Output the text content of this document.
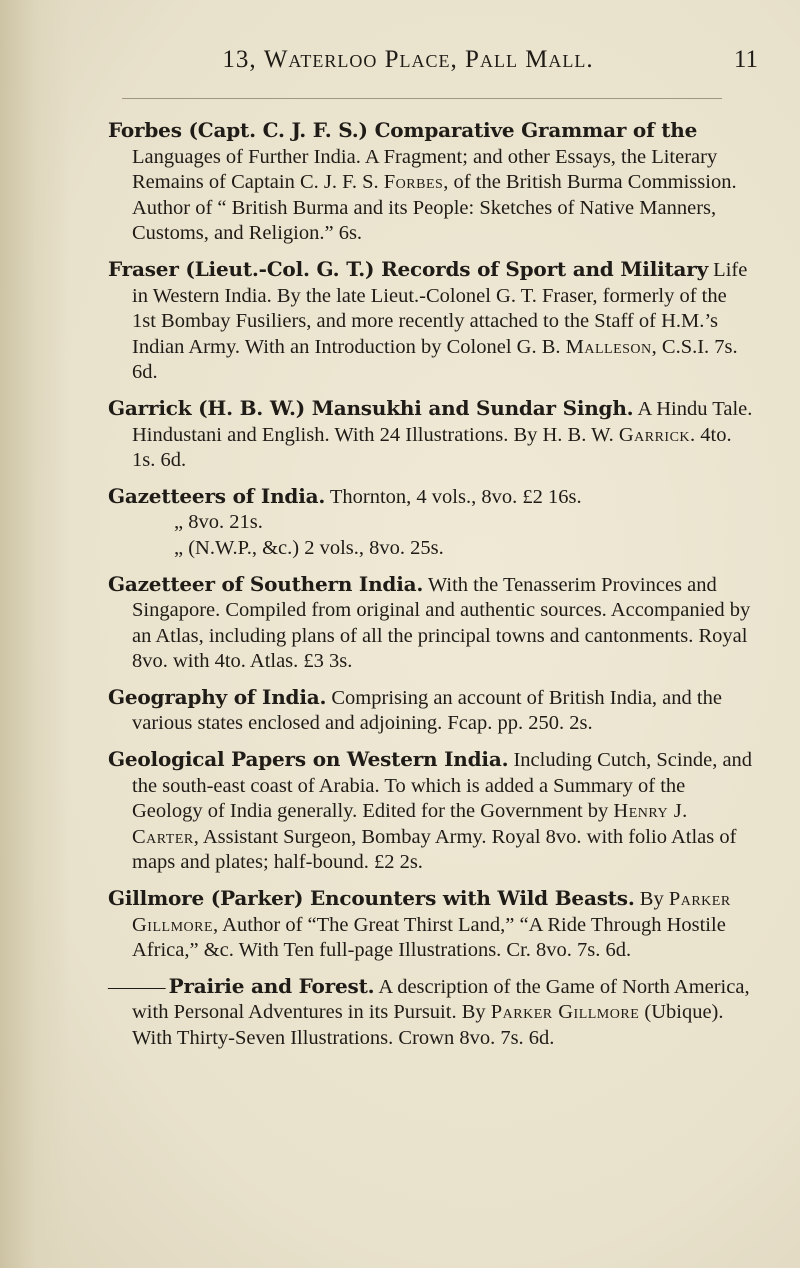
13, Waterloo Place, Pall Mall.	11

Forbes (Capt. C. J. F. S.) Comparative Grammar of the Languages of Further India. A Fragment; and other Essays, the Literary Remains of Captain C. J. F. S. Forbes, of the British Burma Commission. Author of “ British Burma and its People: Sketches of Native Manners, Customs, and Religion.” 6s.

Fraser (Lieut.-Col. G. T.) Records of Sport and Military Life in Western India. By the late Lieut.-Colonel G. T. Fraser, formerly of the 1st Bombay Fusiliers, and more recently attached to the Staff of H.M.’s Indian Army. With an Introduction by Colonel G. B. Malleson, C.S.I. 7s. 6d.

Garrick (H. B. W.) Mansukhi and Sundar Singh. A Hindu Tale. Hindustani and English. With 24 Illustrations. By H. B. W. Garrick. 4to. 1s. 6d.

Gazetteers of India. Thornton, 4 vols., 8vo. £2 16s.
„ 8vo. 21s.
„ (N.W.P., &c.) 2 vols., 8vo. 25s.

Gazetteer of Southern India. With the Tenasserim Provinces and Singapore. Compiled from original and authentic sources. Accompanied by an Atlas, including plans of all the principal towns and cantonments. Royal 8vo. with 4to. Atlas. £3 3s.

Geography of India. Comprising an account of British India, and the various states enclosed and adjoining. Fcap. pp. 250. 2s.

Geological Papers on Western India. Including Cutch, Scinde, and the south-east coast of Arabia. To which is added a Summary of the Geology of India generally. Edited for the Government by Henry J. Carter, Assistant Surgeon, Bombay Army. Royal 8vo. with folio Atlas of maps and plates; half-bound. £2 2s.

Gillmore (Parker) Encounters with Wild Beasts. By Parker Gillmore, Author of “The Great Thirst Land,” “A Ride Through Hostile Africa,” &c. With Ten full-page Illustrations. Cr. 8vo. 7s. 6d.

——— Prairie and Forest. A description of the Game of North America, with Personal Adventures in its Pursuit. By Parker Gillmore (Ubique). With Thirty-Seven Illustrations. Crown 8vo. 7s. 6d.
